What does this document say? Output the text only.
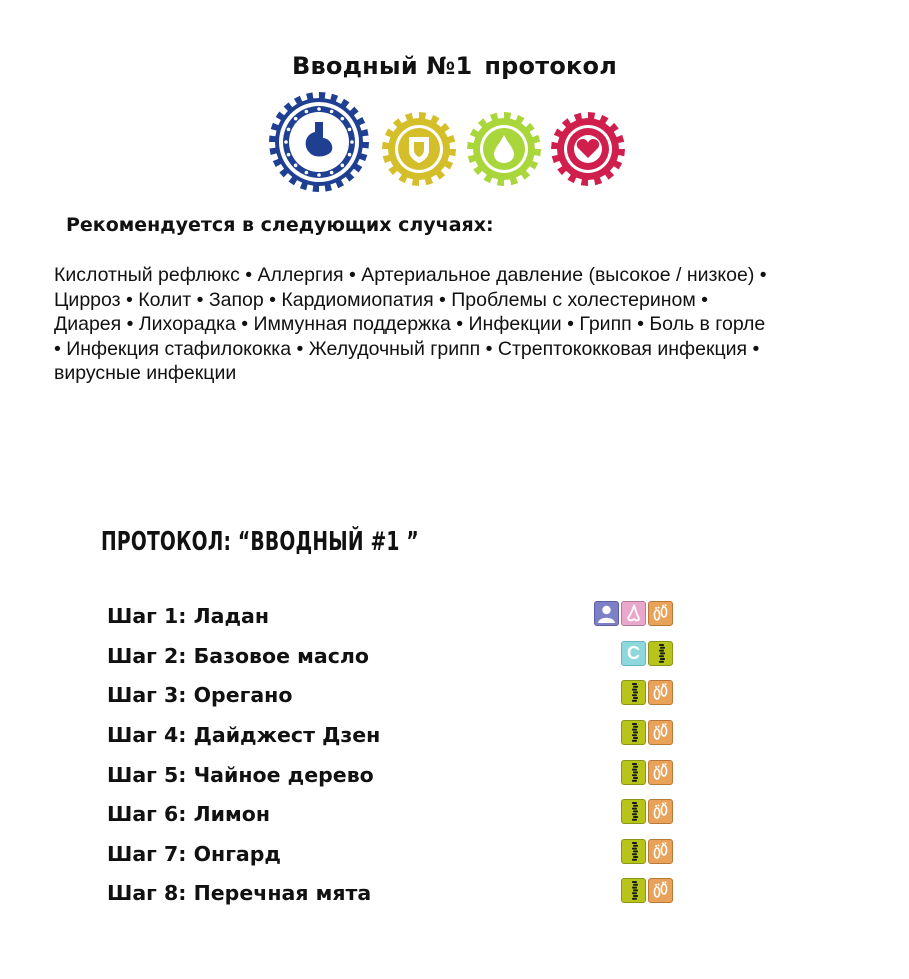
Вводный №1 протокол
Рекомендуется в следующих случаях:
Кислотный рефлюкс • Аллергия • Артериальное давление (высокое / низкое) •
Цирроз • Колит • Запор • Кардиомиопатия • Проблемы с холестерином •
Диарея • Лихорадка • Иммунная поддержка • Инфекции • Грипп • Боль в горле
• Инфекция стафилококка • Желудочный грипп • Стрептококковая инфекция •
вирусные инфекции
ПРОТОКОЛ: “ВВОДНЫЙ #1 ”
Шаг 1: Ладан
Шаг 2: Базовое масло	C
Шаг 3: Орегано
Шаг 4: Дайджест Дзен
Шаг 5: Чайное дерево
Шаг 6: Лимон
Шаг 7: Онгард
Шаг 8: Перечная мята
